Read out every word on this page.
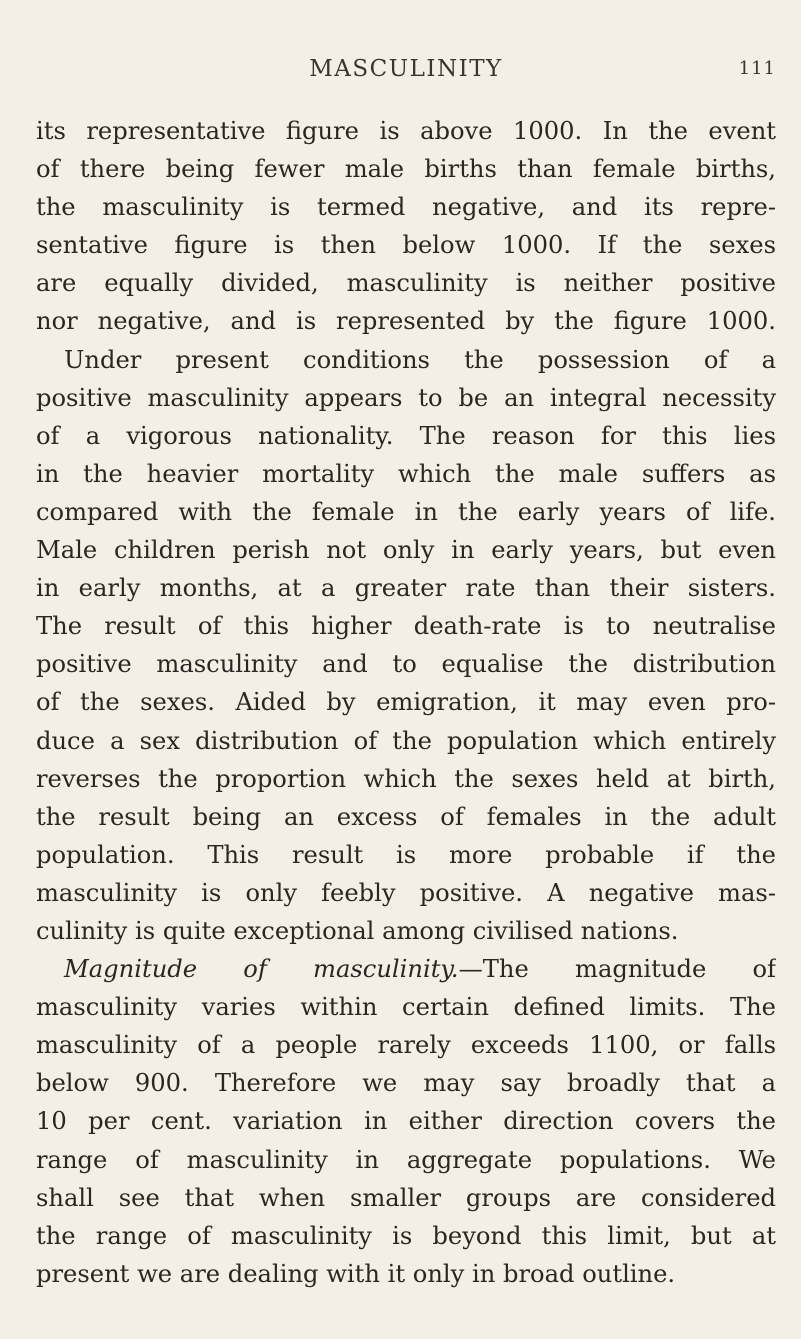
MASCULINITY	111
its representative figure is above 1000. In the event
of there being fewer male births than female births,
the masculinity is termed negative, and its repre-
sentative figure is then below 1000. If the sexes
are equally divided, masculinity is neither positive
nor negative, and is represented by the figure 1000.
Under present conditions the possession of a
positive masculinity appears to be an integral necessity
of a vigorous nationality. The reason for this lies
in the heavier mortality which the male suffers as
compared with the female in the early years of life.
Male children perish not only in early years, but even
in early months, at a greater rate than their sisters.
The result of this higher death-rate is to neutralise
positive masculinity and to equalise the distribution
of the sexes. Aided by emigration, it may even pro-
duce a sex distribution of the population which entirely
reverses the proportion which the sexes held at birth,
the result being an excess of females in the adult
population. This result is more probable if the
masculinity is only feebly positive. A negative mas-
culinity is quite exceptional among civilised nations.
Magnitude of masculinity.—The magnitude of
masculinity varies within certain defined limits. The
masculinity of a people rarely exceeds 1100, or falls
below 900. Therefore we may say broadly that a
10 per cent. variation in either direction covers the
range of masculinity in aggregate populations. We
shall see that when smaller groups are considered
the range of masculinity is beyond this limit, but at
present we are dealing with it only in broad outline.
